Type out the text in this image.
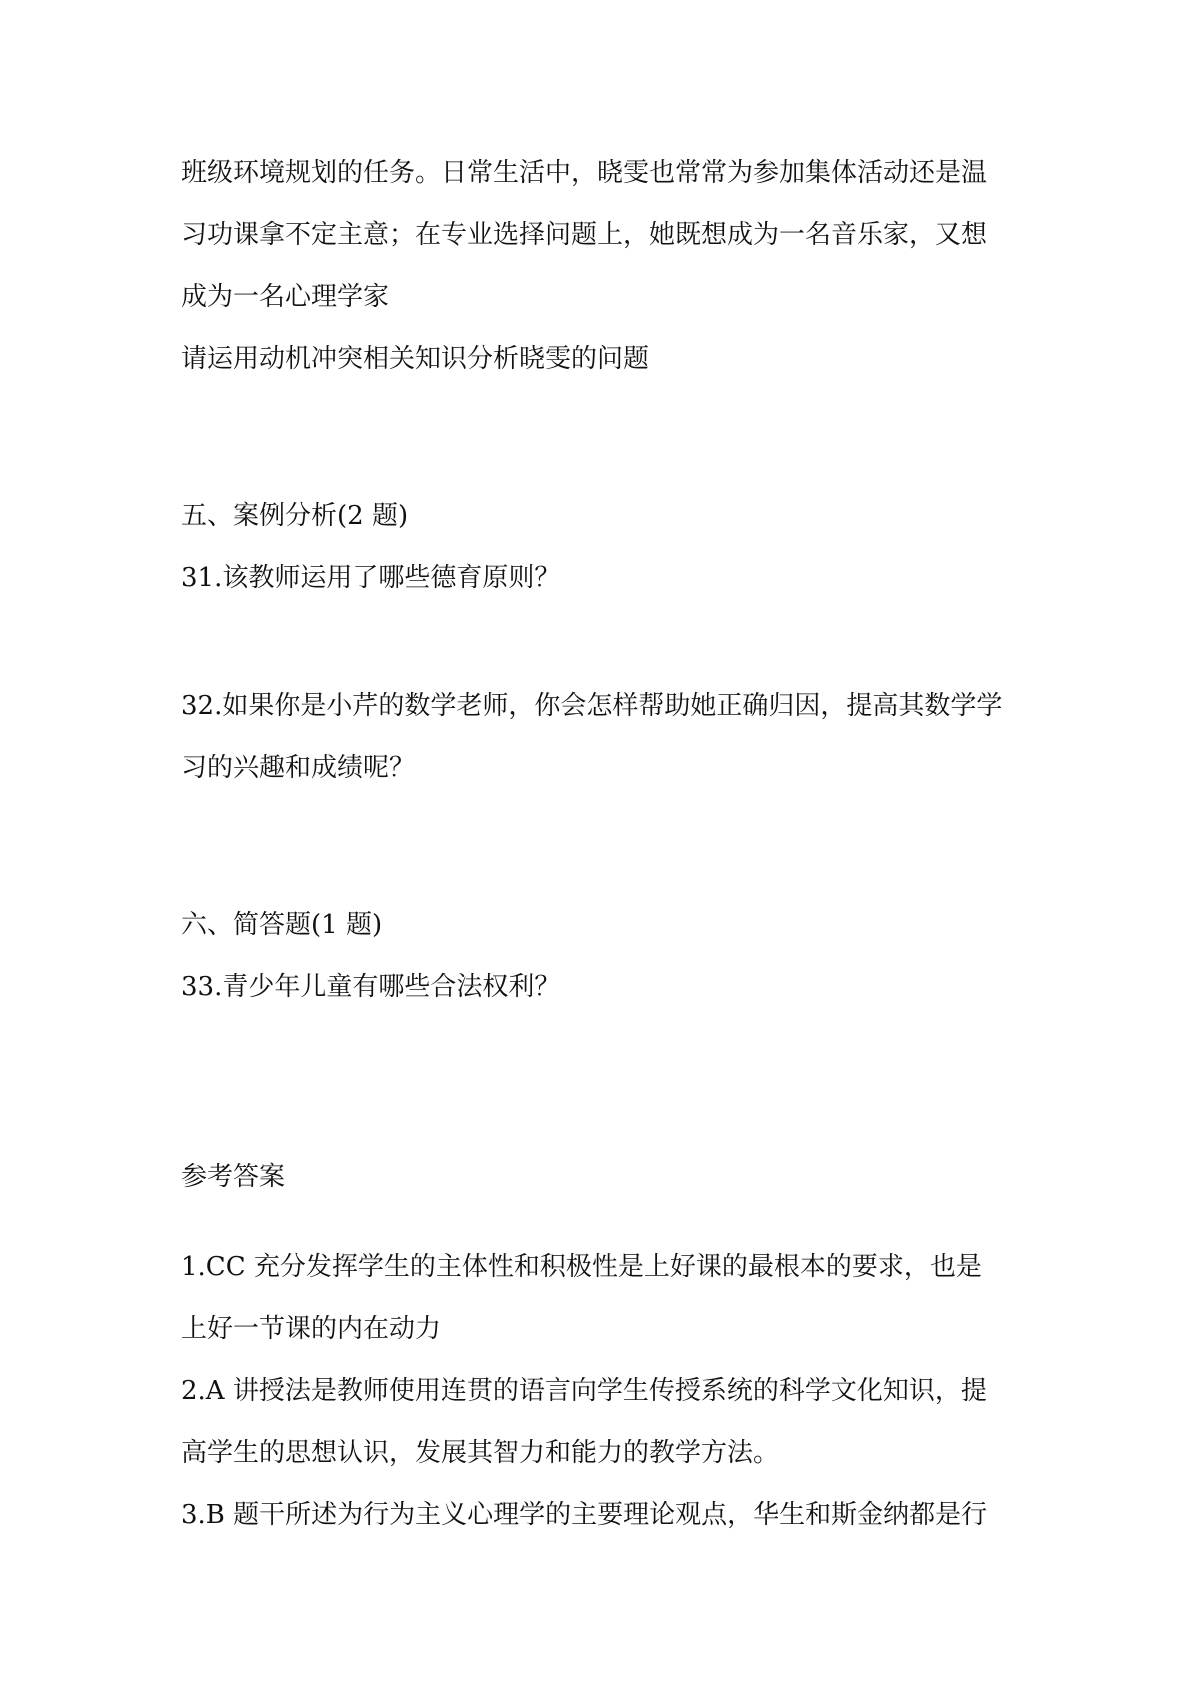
班级环境规划的任务。日常生活中，晓雯也常常为参加集体活动还是温

习功课拿不定主意；在专业选择问题上，她既想成为一名音乐家，又想

成为一名心理学家

请运用动机冲突相关知识分析晓雯的问题

五、案例分析(2 题)

31.该教师运用了哪些德育原则？

32.如果你是小芹的数学老师，你会怎样帮助她正确归因，提高其数学学

习的兴趣和成绩呢？

六、简答题(1 题)

33.青少年儿童有哪些合法权利？

参考答案

1.CC 充分发挥学生的主体性和积极性是上好课的最根本的要求，也是

上好一节课的内在动力

2.A 讲授法是教师使用连贯的语言向学生传授系统的科学文化知识，提

高学生的思想认识，发展其智力和能力的教学方法。

3.B 题干所述为行为主义心理学的主要理论观点，华生和斯金纳都是行
